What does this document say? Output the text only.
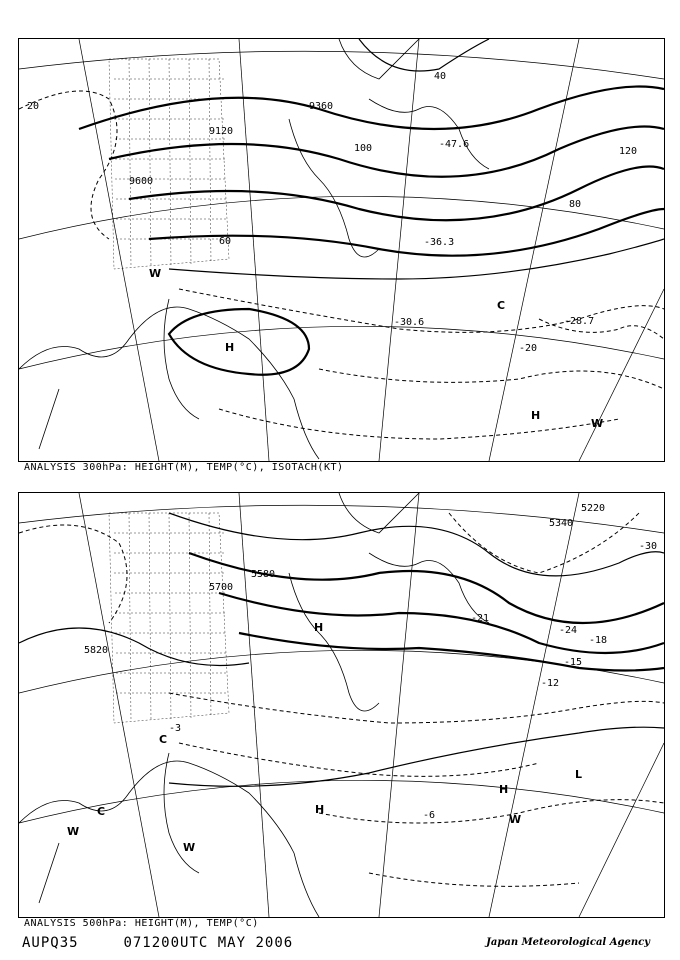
9120
9360
9600
20
40
60
80
100	120
-20
-30.6
-36.3
-47.6
-28.7
H
H
W
W
C
ANALYSIS 300hPa: HEIGHT(M), TEMP(°C), ISOTACH(KT)
5220
5340
5580
5700
5820
-30
-24
-21
-18
-15
-12
-6
-3
H
H
H
W
W
W
C
C
L
ANALYSIS 500hPa: HEIGHT(M), TEMP(°C)
AUPQ35	071200UTC MAY 2006	Japan Meteorological Agency
